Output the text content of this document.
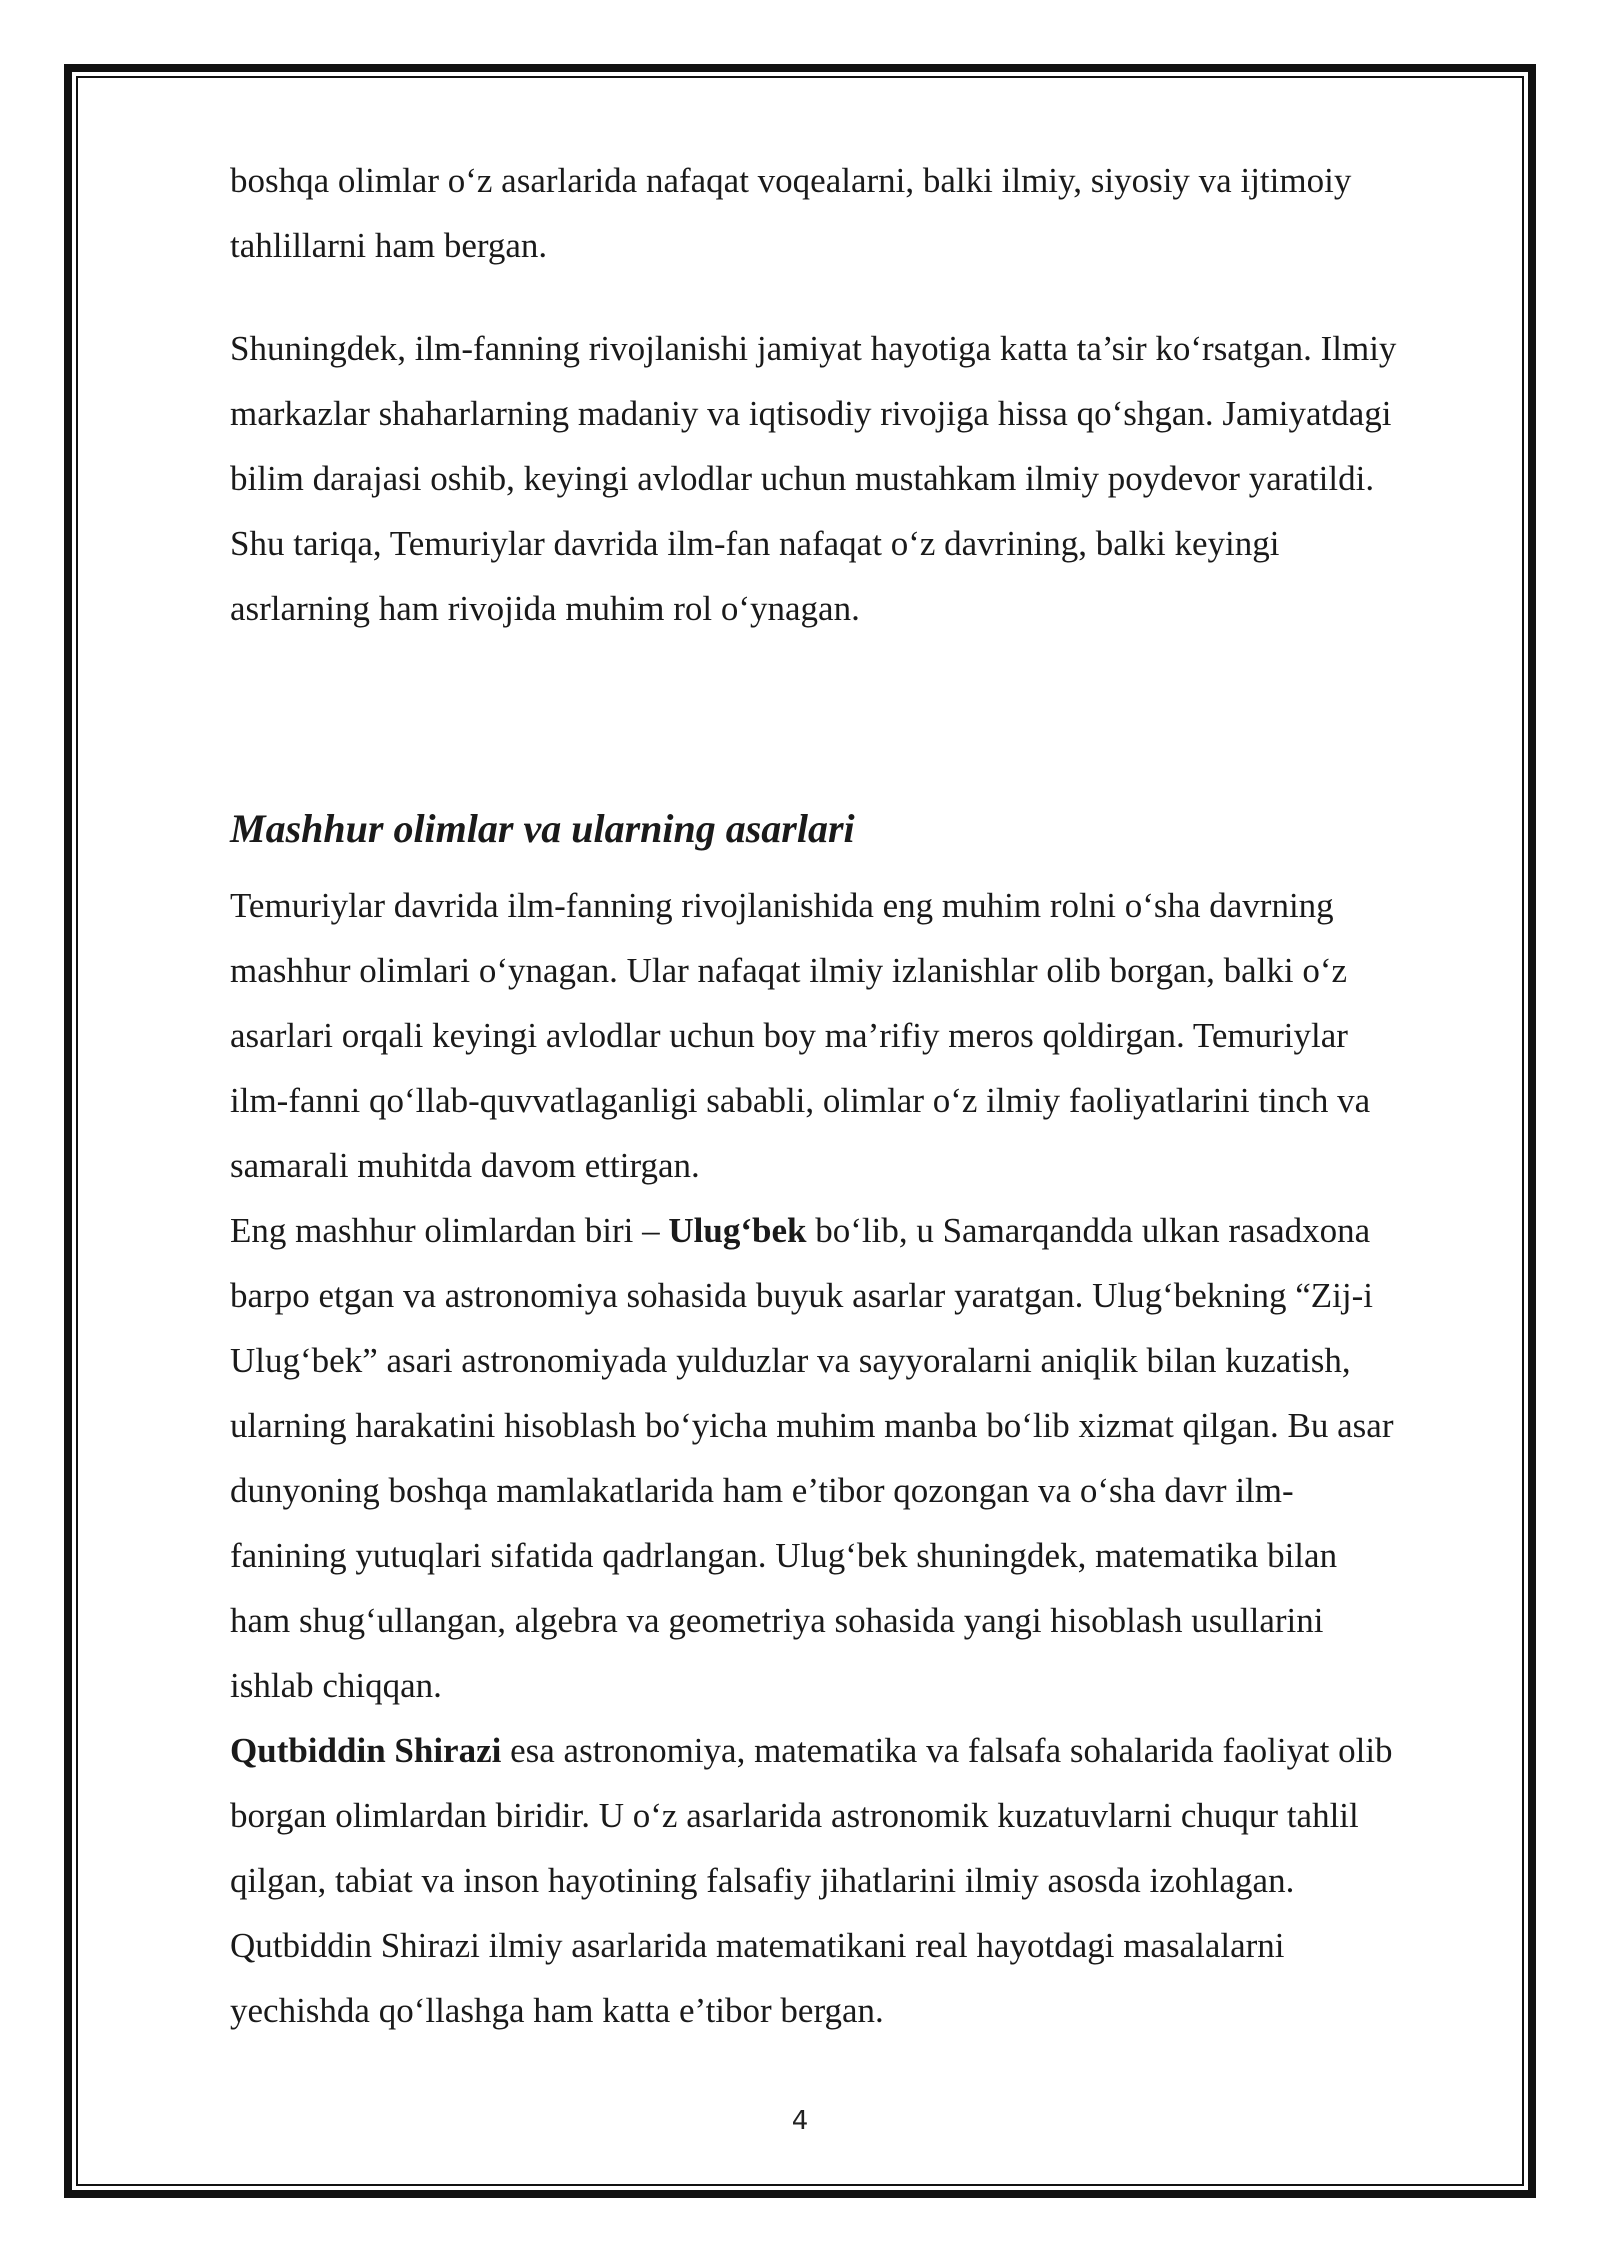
boshqa olimlar o‘z asarlarida nafaqat voqealarni, balki ilmiy, siyosiy va ijtimoiy
tahlillarni ham bergan.

Shuningdek, ilm-fanning rivojlanishi jamiyat hayotiga katta ta’sir ko‘rsatgan. Ilmiy
markazlar shaharlarning madaniy va iqtisodiy rivojiga hissa qo‘shgan. Jamiyatdagi
bilim darajasi oshib, keyingi avlodlar uchun mustahkam ilmiy poydevor yaratildi.
Shu tariqa, Temuriylar davrida ilm-fan nafaqat o‘z davrining, balki keyingi
asrlarning ham rivojida muhim rol o‘ynagan.

Mashhur olimlar va ularning asarlari

Temuriylar davrida ilm-fanning rivojlanishida eng muhim rolni o‘sha davrning
mashhur olimlari o‘ynagan. Ular nafaqat ilmiy izlanishlar olib borgan, balki o‘z
asarlari orqali keyingi avlodlar uchun boy ma’rifiy meros qoldirgan. Temuriylar
ilm-fanni qo‘llab-quvvatlaganligi sababli, olimlar o‘z ilmiy faoliyatlarini tinch va
samarali muhitda davom ettirgan.

Eng mashhur olimlardan biri – Ulug‘bek bo‘lib, u Samarqandda ulkan rasadxona
barpo etgan va astronomiya sohasida buyuk asarlar yaratgan. Ulug‘bekning “Zij-i
Ulug‘bek” asari astronomiyada yulduzlar va sayyoralarni aniqlik bilan kuzatish,
ularning harakatini hisoblash bo‘yicha muhim manba bo‘lib xizmat qilgan. Bu asar
dunyoning boshqa mamlakatlarida ham e’tibor qozongan va o‘sha davr ilm-
fanining yutuqlari sifatida qadrlangan. Ulug‘bek shuningdek, matematika bilan
ham shug‘ullangan, algebra va geometriya sohasida yangi hisoblash usullarini
ishlab chiqqan.

Qutbiddin Shirazi esa astronomiya, matematika va falsafa sohalarida faoliyat olib
borgan olimlardan biridir. U o‘z asarlarida astronomik kuzatuvlarni chuqur tahlil
qilgan, tabiat va inson hayotining falsafiy jihatlarini ilmiy asosda izohlagan.
Qutbiddin Shirazi ilmiy asarlarida matematikani real hayotdagi masalalarni
yechishda qo‘llashga ham katta e’tibor bergan.

4
